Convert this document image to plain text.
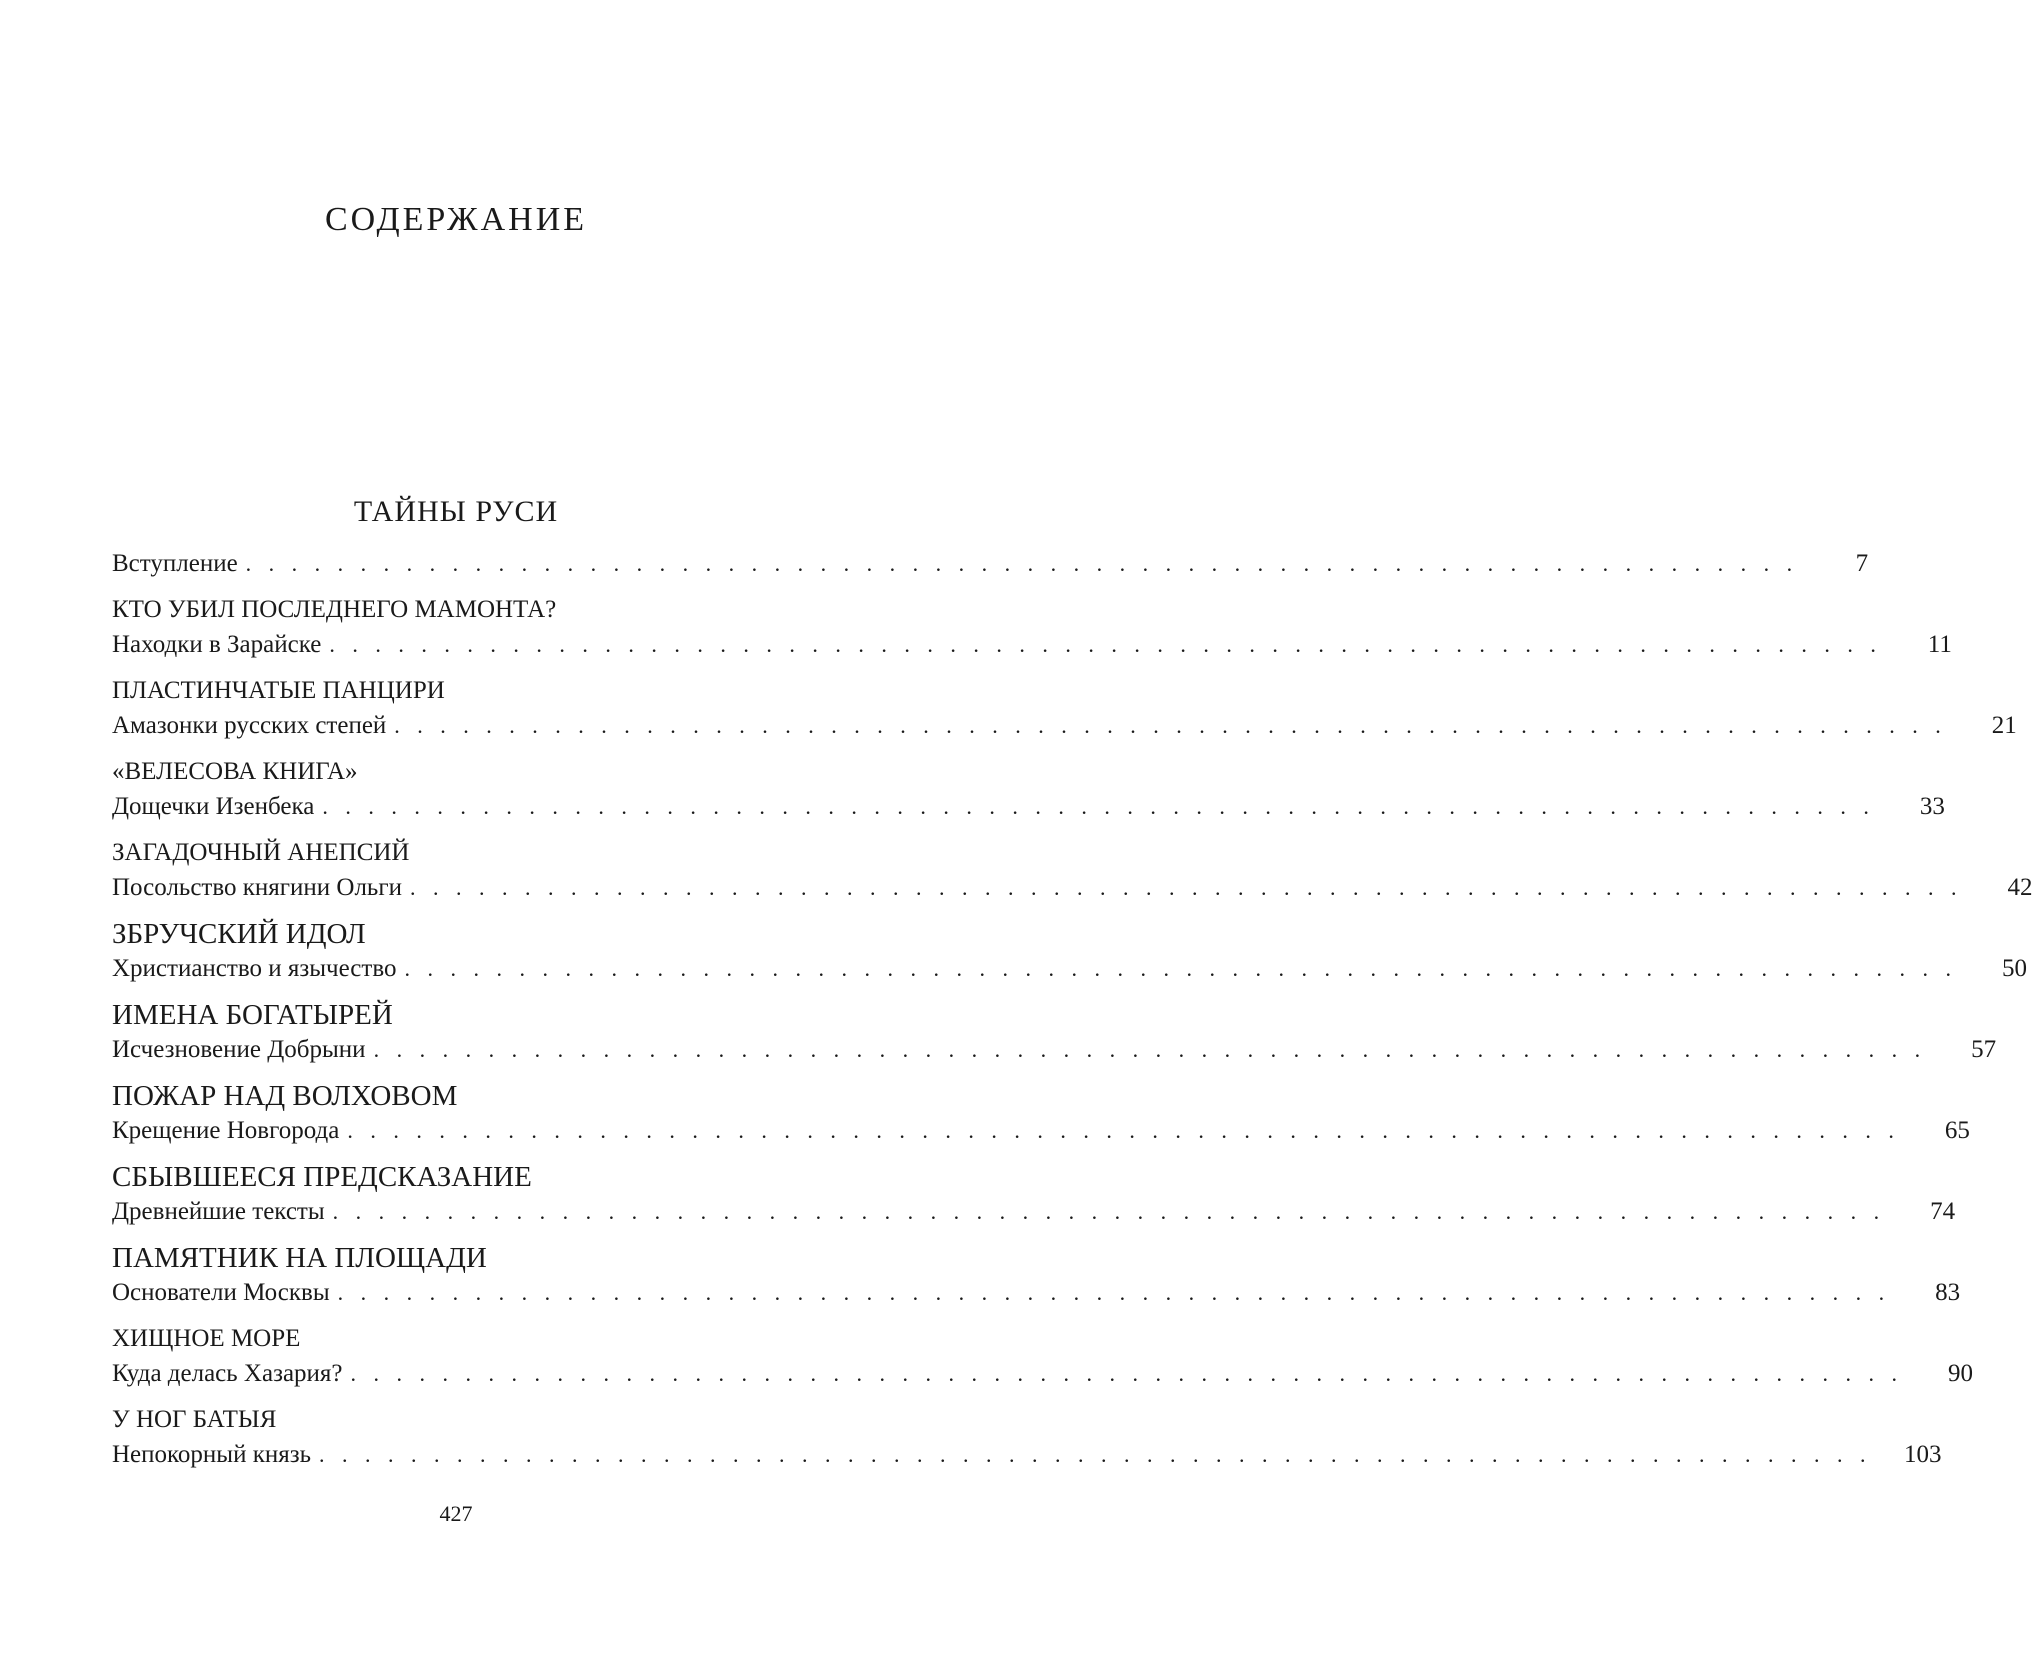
СОДЕРЖАНИЕ
ТАЙНЫ РУСИ
Вступление . . . . . . . . . . . . . . . . . . . . . . . . . . . . . . . . . . . . . . . . . . . . . . . . . . . . . . . . . . . . . . . . . . . .	7
КТО УБИЛ ПОСЛЕДНЕГО МАМОНТА?
Находки в Зарайске . . . . . . . . . . . . . . . . . . . . . . . . . . . . . . . . . . . . . . . . . . . . . . . . . . . . . . . . . . . . . . . . . . . .	11
ПЛАСТИНЧАТЫЕ ПАНЦИРИ
Амазонки русских степей . . . . . . . . . . . . . . . . . . . . . . . . . . . . . . . . . . . . . . . . . . . . . . . . . . . . . . . . . . . . . . . . . . . .	21
«ВЕЛЕСОВА КНИГА»
Дощечки Изенбека . . . . . . . . . . . . . . . . . . . . . . . . . . . . . . . . . . . . . . . . . . . . . . . . . . . . . . . . . . . . . . . . . . . .	33
ЗАГАДОЧНЫЙ АНЕПСИЙ
Посольство княгини Ольги . . . . . . . . . . . . . . . . . . . . . . . . . . . . . . . . . . . . . . . . . . . . . . . . . . . . . . . . . . . . . . . . . . . .	42
ЗБРУЧСКИЙ ИДОЛ
Христианство и язычество . . . . . . . . . . . . . . . . . . . . . . . . . . . . . . . . . . . . . . . . . . . . . . . . . . . . . . . . . . . . . . . . . . . .	50
ИМЕНА БОГАТЫРЕЙ
Исчезновение Добрыни . . . . . . . . . . . . . . . . . . . . . . . . . . . . . . . . . . . . . . . . . . . . . . . . . . . . . . . . . . . . . . . . . . . .	57
ПОЖАР НАД ВОЛХОВОМ
Крещение Новгорода . . . . . . . . . . . . . . . . . . . . . . . . . . . . . . . . . . . . . . . . . . . . . . . . . . . . . . . . . . . . . . . . . . . .	65
СБЫВШЕЕСЯ ПРЕДСКАЗАНИЕ
Древнейшие тексты . . . . . . . . . . . . . . . . . . . . . . . . . . . . . . . . . . . . . . . . . . . . . . . . . . . . . . . . . . . . . . . . . . . .	74
ПАМЯТНИК НА ПЛОЩАДИ
Основатели Москвы . . . . . . . . . . . . . . . . . . . . . . . . . . . . . . . . . . . . . . . . . . . . . . . . . . . . . . . . . . . . . . . . . . . .	83
ХИЩНОЕ МОРЕ
Куда делась Хазария? . . . . . . . . . . . . . . . . . . . . . . . . . . . . . . . . . . . . . . . . . . . . . . . . . . . . . . . . . . . . . . . . . . . .	90
У НОГ БАТЫЯ
Непокорный князь . . . . . . . . . . . . . . . . . . . . . . . . . . . . . . . . . . . . . . . . . . . . . . . . . . . . . . . . . . . . . . . . . . . .	103
427
